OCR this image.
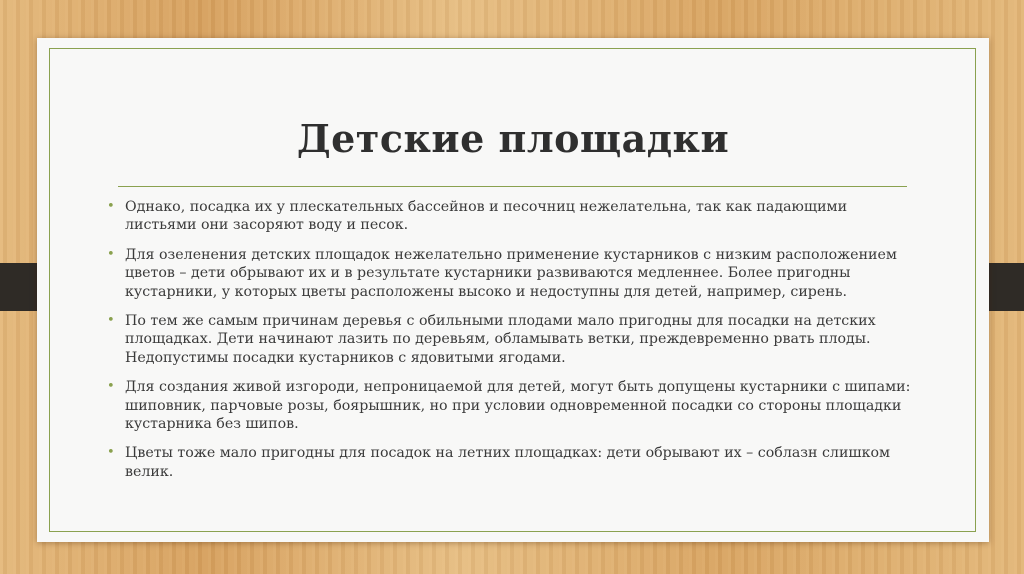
Детские площадки
• Однако, посадка их у плескательных бассейнов и песочниц нежелательна, так как падающими листьями они засоряют воду и песок.
• Для озеленения детских площадок нежелательно применение кустарников с низким расположением цветов – дети обрывают их и в результате кустарники развиваются медленнее. Более пригодны кустарники, у которых цветы расположены высоко и недоступны для детей, например, сирень.
• По тем же самым причинам деревья с обильными плодами мало пригодны для посадки на детских площадках. Дети начинают лазить по деревьям, обламывать ветки, преждевременно рвать плоды. Недопустимы посадки кустарников с ядовитыми ягодами.
• Для создания живой изгороди, непроницаемой для детей, могут быть допущены кустарники с шипами: шиповник, парчовые розы, боярышник, но при условии одновременной посадки со стороны площадки кустарника без шипов.
• Цветы тоже мало пригодны для посадок на летних площадках: дети обрывают их – соблазн слишком велик.
